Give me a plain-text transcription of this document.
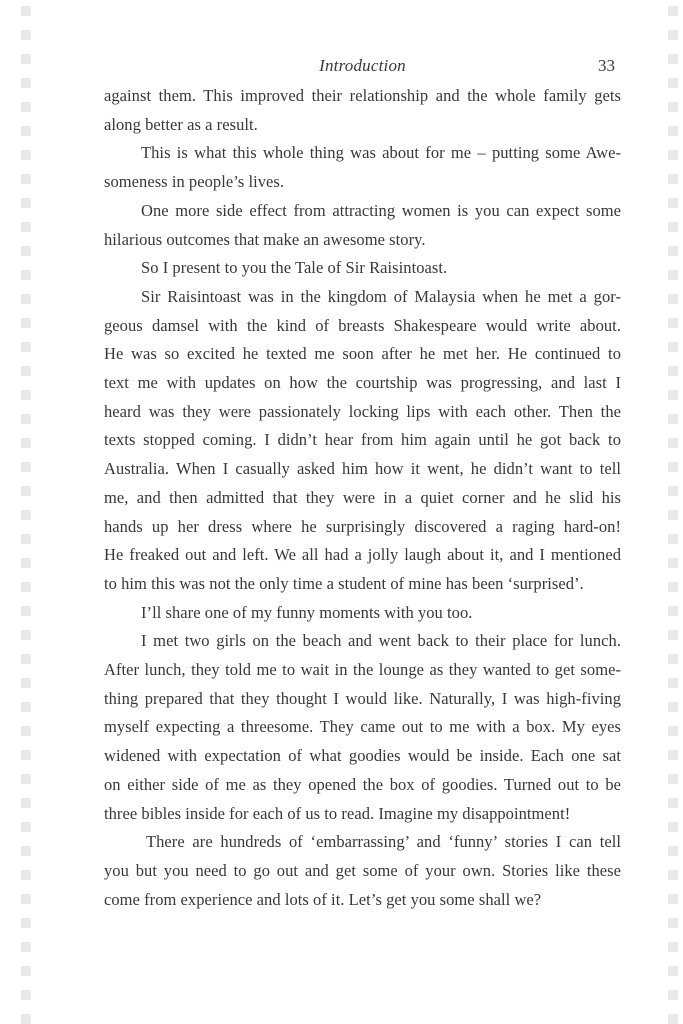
Introduction	33
against them. This improved their relationship and the whole family gets
along better as a result.
This is what this whole thing was about for me – putting some Awe-
someness in people’s lives.
One more side effect from attracting women is you can expect some
hilarious outcomes that make an awesome story.
So I present to you the Tale of Sir Raisintoast.
Sir Raisintoast was in the kingdom of Malaysia when he met a gor-
geous damsel with the kind of breasts Shakespeare would write about.
He was so excited he texted me soon after he met her. He continued to
text me with updates on how the courtship was progressing, and last I
heard was they were passionately locking lips with each other. Then the
texts stopped coming. I didn’t hear from him again until he got back to
Australia. When I casually asked him how it went, he didn’t want to tell
me, and then admitted that they were in a quiet corner and he slid his
hands up her dress where he surprisingly discovered a raging hard-on!
He freaked out and left. We all had a jolly laugh about it, and I mentioned
to him this was not the only time a student of mine has been ‘surprised’.
I’ll share one of my funny moments with you too.
I met two girls on the beach and went back to their place for lunch.
After lunch, they told me to wait in the lounge as they wanted to get some-
thing prepared that they thought I would like. Naturally, I was high-fiving
myself expecting a threesome. They came out to me with a box. My eyes
widened with expectation of what goodies would be inside. Each one sat
on either side of me as they opened the box of goodies. Turned out to be
three bibles inside for each of us to read. Imagine my disappointment!
There are hundreds of ‘embarrassing’ and ‘funny’ stories I can tell
you but you need to go out and get some of your own. Stories like these
come from experience and lots of it. Let’s get you some shall we?
